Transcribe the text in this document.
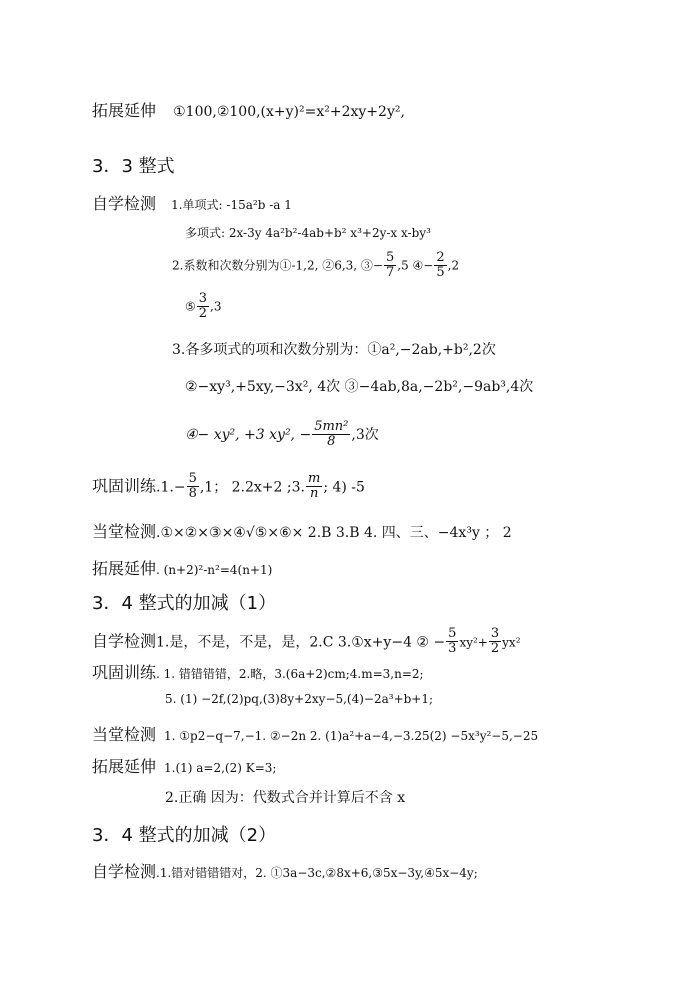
拓展延伸 ①100,②100,(x+y)²=x²+2xy+2y²,
3．3 整式
自学检测 1.单项式: -15a²b -a 1
多项式: 2x-3y 4a²b²-4ab+b² x³+2y-x x-by³
2.系数和次数分别为①-1,2, ②6,3, ③− $\frac{5}{7} ,5$ ④− $\frac{2}{5} ,2$
⑤ $\frac{3}{2} ,3$
3.各多项式的项和次数分别为：①a²,−2ab,+b²,2次
②−xy³,+5xy,−3x², 4次 ③−4ab,8a,−2b²,−9ab³,4次
④− xy², +3 xy², − $\frac{\text{5mn²}}{8} ,3$次
巩固训练$.1.- \frac{5}{8} ,1$； 2.2x+2 ;3. $\frac{m}{n}$ ; 4) -5
当堂检测.①×②×③×④√⑤×⑥× 2.B 3.B 4. 四、三、−4x³y ； 2
拓展延伸. (n+2)²-n²=4(n+1)
3．4 整式的加减（1）
自学检测1.是，不是，不是，是，2.C 3.①x+y−4 ② − $\frac{5}{3} xy^2+ \frac{3}{2} yx^2$
巩固训练. 1. 错错错错，2.略，3.(6a+2)cm;4.m=3,n=2;
5. (1) −2f,(2)pq,(3)8y+2xy−5,(4)−2a³+b+1;
当堂检测 1. ①p2−q−7,−1. ②−2n 2. (1)a²+a−4,−3.25(2) −5x³y²−5,−25
拓展延伸 1.(1) a=2,(2) K=3;
2.正确 因为：代数式合并计算后不含 x
3．4 整式的加减（2）
自学检测.1.错对错错错对，2. ①3a−3c,②8x+6,③5x−3y,④5x−4y;
